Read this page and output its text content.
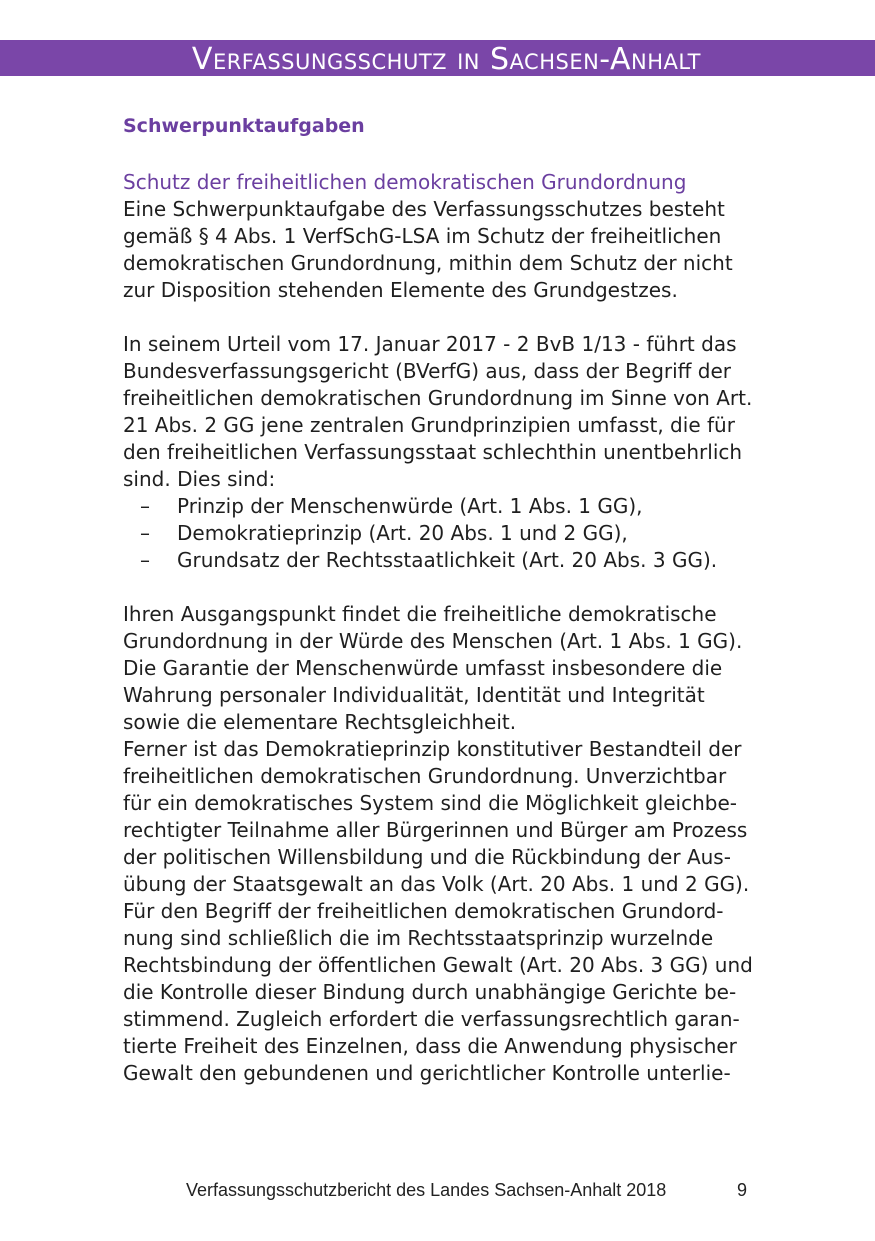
Verfassungsschutz in Sachsen-Anhalt
Schwerpunktaufgaben
Schutz der freiheitlichen demokratischen Grundordnung

Eine Schwerpunktaufgabe des Verfassungsschutzes besteht

gemäß § 4 Abs. 1 VerfSchG-LSA im Schutz der freiheitlichen

demokratischen Grundordnung, mithin dem Schutz der nicht

zur Disposition stehenden Elemente des Grundgestzes.

In seinem Urteil vom 17. Januar 2017 - 2 BvB 1/13 - führt das

Bundesverfassungsgericht (BVerfG) aus, dass der Begriff der

freiheitlichen demokratischen Grundordnung im Sinne von Art.

21 Abs. 2 GG jene zentralen Grundprinzipien umfasst, die für

den freiheitlichen Verfassungsstaat schlechthin unentbehrlich

sind. Dies sind:

– Prinzip der Menschenwürde (Art. 1 Abs. 1 GG),
– Demokratieprinzip (Art. 20 Abs. 1 und 2 GG),
– Grundsatz der Rechtsstaatlichkeit (Art. 20 Abs. 3 GG).

Ihren Ausgangspunkt findet die freiheitliche demokratische

Grundordnung in der Würde des Menschen (Art. 1 Abs. 1 GG).

Die Garantie der Menschenwürde umfasst insbesondere die

Wahrung personaler Individualität, Identität und Integrität

sowie die elementare Rechtsgleichheit.

Ferner ist das Demokratieprinzip konstitutiver Bestandteil der

freiheitlichen demokratischen Grundordnung. Unverzichtbar

für ein demokratisches System sind die Möglichkeit gleichbe-

rechtigter Teilnahme aller Bürgerinnen und Bürger am Prozess

der politischen Willensbildung und die Rückbindung der Aus-

übung der Staatsgewalt an das Volk (Art. 20 Abs. 1 und 2 GG).

Für den Begriff der freiheitlichen demokratischen Grundord-

nung sind schließlich die im Rechtsstaatsprinzip wurzelnde

Rechtsbindung der öffentlichen Gewalt (Art. 20 Abs. 3 GG) und

die Kontrolle dieser Bindung durch unabhängige Gerichte be-

stimmend. Zugleich erfordert die verfassungsrechtlich garan-

tierte Freiheit des Einzelnen, dass die Anwendung physischer

Gewalt den gebundenen und gerichtlicher Kontrolle unterlie-

Verfassungsschutzbericht des Landes Sachsen-Anhalt 2018	9
